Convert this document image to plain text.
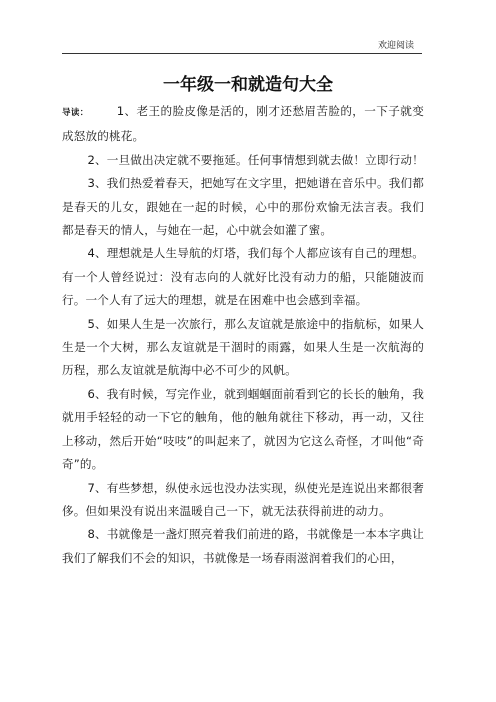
欢迎阅读
一年级一和就造句大全

导读： 1、老王的脸皮像是活的，刚才还愁眉苦脸的，一下子就变成怒放的桃花。

2、一旦做出决定就不要拖延。任何事情想到就去做！立即行动！

3、我们热爱着春天，把她写在文字里，把她谱在音乐中。我们都是春天的儿女，跟她在一起的时候，心中的那份欢愉无法言表。我们都是春天的情人，与她在一起，心中就会如灌了蜜。

4、理想就是人生导航的灯塔，我们每个人都应该有自己的理想。有一个人曾经说过：没有志向的人就好比没有动力的船，只能随波而行。一个人有了远大的理想，就是在困难中也会感到幸福。

5、如果人生是一次旅行，那么友谊就是旅途中的指航标，如果人生是一个大树，那么友谊就是干涸时的雨露，如果人生是一次航海的历程，那么友谊就是航海中必不可少的风帆。

6、我有时候，写完作业，就到蝈蝈面前看到它的长长的触角，我就用手轻轻的动一下它的触角，他的触角就往下移动，再一动，又往上移动，然后开始“吱吱”的叫起来了，就因为它这么奇怪，才叫他“奇奇”的。

7、有些梦想，纵使永远也没办法实现，纵使光是连说出来都很奢侈。但如果没有说出来温暖自己一下，就无法获得前进的动力。

8、书就像是一盏灯照亮着我们前进的路，书就像是一本本字典让我们了解我们不会的知识，书就像是一场春雨滋润着我们的心田，
